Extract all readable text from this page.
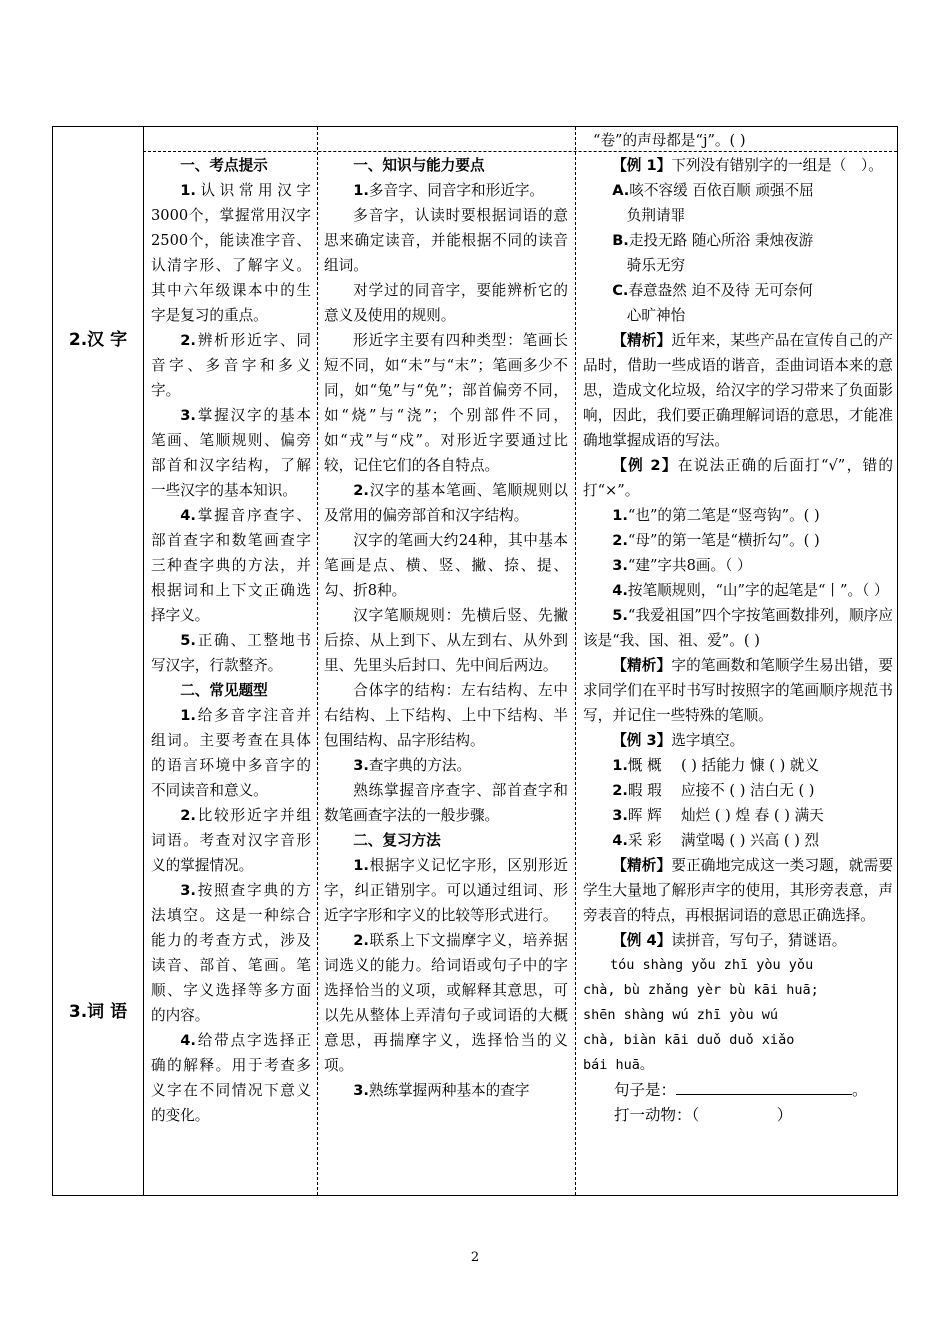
2.汉 字
3.词 语
“卷”的声母都是“j”。( )

一、考点提示

1.认识常用汉字3000个，掌握常用汉字2500个，能读准字音、认清字形、了解字义。其中六年级课本中的生字是复习的重点。

2.辨析形近字、同音字、多音字和多义字。

3.掌握汉字的基本笔画、笔顺规则、偏旁部首和汉字结构，了解一些汉字的基本知识。

4.掌握音序查字、部首查字和数笔画查字三种查字典的方法，并根据词和上下文正确选择字义。

5.正确、工整地书写汉字，行款整齐。

二、常见题型

1.给多音字注音并组词。主要考查在具体的语言环境中多音字的不同读音和意义。

2.比较形近字并组词语。考查对汉字音形义的掌握情况。

3.按照查字典的方法填空。这是一种综合能力的考查方式，涉及读音、部首、笔画。笔顺、字义选择等多方面的内容。

4.给带点字选择正确的解释。用于考查多义字在不同情况下意义的变化。

一、知识与能力要点

1.多音字、同音字和形近字。

多音字，认读时要根据词语的意思来确定读音，并能根据不同的读音组词。

对学过的同音字，要能辨析它的意义及使用的规则。

形近字主要有四种类型：笔画长短不同，如“未”与“末”；笔画多少不同，如“兔”与“免”；部首偏旁不同，如“烧”与“浇”；个别部件不同，如“戎”与“戍”。对形近字要通过比较，记住它们的各自特点。

2.汉字的基本笔画、笔顺规则以及常用的偏旁部首和汉字结构。

汉字的笔画大约24种，其中基本笔画是点、横、竖、撇、捺、提、勾、折8种。

汉字笔顺规则：先横后竖、先撇后捺、从上到下、从左到右、从外到里、先里头后封口、先中间后两边。

合体字的结构：左右结构、左中右结构、上下结构、上中下结构、半包围结构、品字形结构。

3.查字典的方法。

熟练掌握音序查字、部首查字和数笔画查字法的一般步骤。

二、复习方法

1.根据字义记忆字形，区别形近字，纠正错别字。可以通过组词、形近字字形和字义的比较等形式进行。

2.联系上下文揣摩字义，培养据词选义的能力。给词语或句子中的字选择恰当的义项，或解释其意思，可以先从整体上弄清句子或词语的大概意思，再揣摩字义，选择恰当的义项。

3.熟练掌握两种基本的查字

【例 1】下列没有错别字的一组是（　）。

A.咳不容缓 百依百顺 顽强不屈

负荆请罪

B.走投无路 随心所浴 秉烛夜游

骑乐无穷

C.春意盎然 迫不及待 无可奈何

心旷神怡

【精析】近年来，某些产品在宣传自己的产品时，借助一些成语的谐音，歪曲词语本来的意思，造成文化垃圾，给汉字的学习带来了负面影响，因此，我们要正确理解词语的意思，才能准确地掌握成语的写法。

【例 2】在说法正确的后面打“√”，错的打“×”。

1.“也”的第二笔是“竖弯钩”。( )

2.“母”的第一笔是“横折勾”。( )

3.“建”字共8画。（ ）

4.按笔顺规则，“山”字的起笔是“丨”。（ ）

5.“我爱祖国”四个字按笔画数排列，顺序应该是“我、国、祖、爱”。( )

【精析】字的笔画数和笔顺学生易出错，要求同学们在平时书写时按照字的笔画顺序规范书写，并记住一些特殊的笔顺。

【例 3】选字填空。

1.慨 概　 ( ) 括能力 慷 ( ) 就义

2.暇 瑕　 应接不 ( ) 洁白无 ( )

3.晖 辉　 灿烂 ( ) 煌 春 ( ) 满天

4.采 彩　 满堂喝 ( ) 兴高 ( ) 烈

【精析】要正确地完成这一类习题，就需要学生大量地了解形声字的使用，其形旁表意，声旁表音的特点，再根据词语的意思正确选择。

【例 4】读拼音，写句子，猜谜语。

tóu shàng yǒu zhī yòu yǒu

chà, bù zhǎng yèr bù kāi huā;

shēn shàng wú zhī yòu wú

chà, biàn kāi duǒ duǒ xiǎo

bái huā。

句子是：	。

打一动物：（　　　　　）

2
